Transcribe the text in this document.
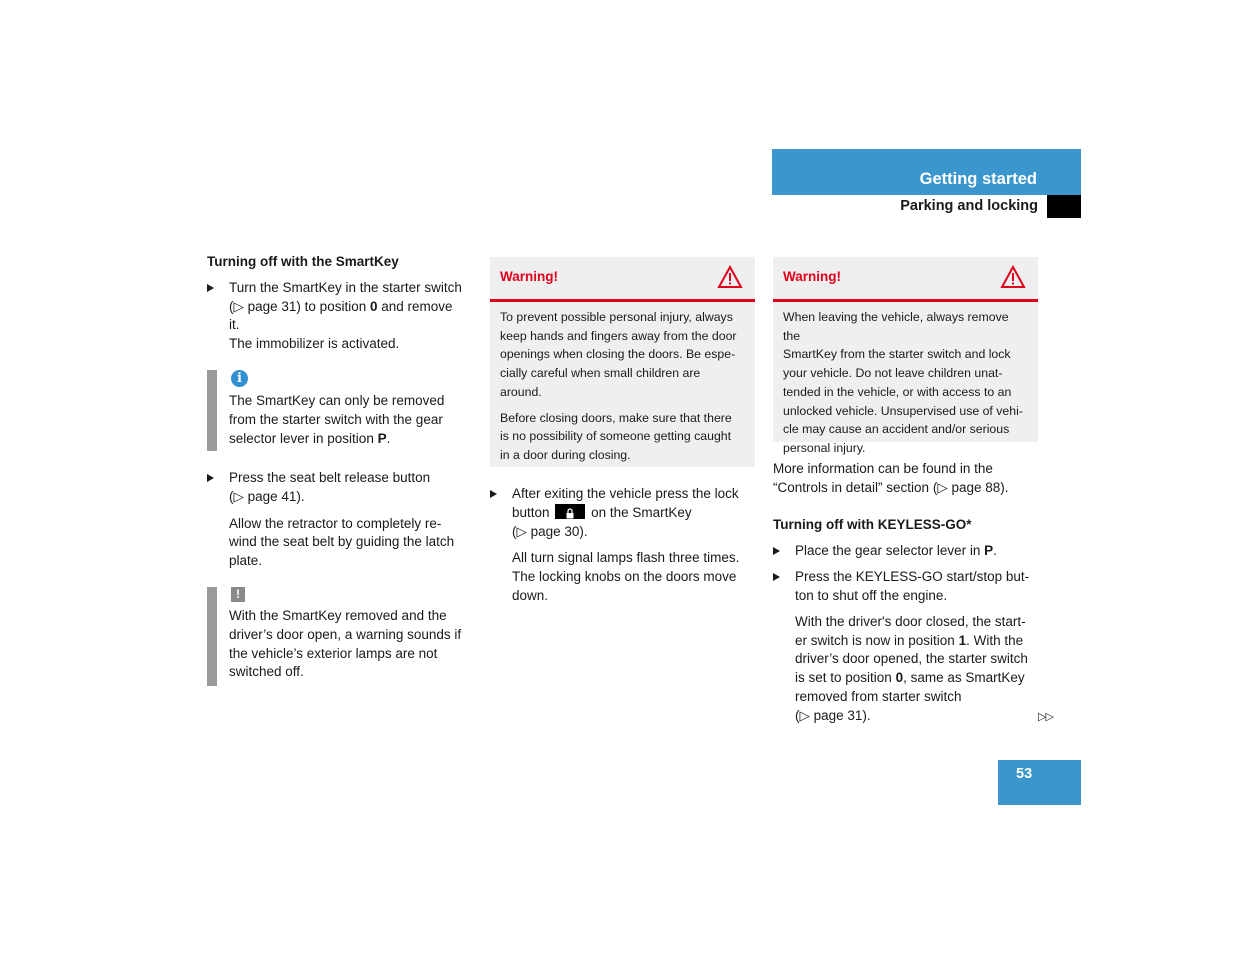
Getting started
Parking and locking

Turning off with the SmartKey

Turn the SmartKey in the starter switch
(▷ page 31) to position 0 and remove
it.
The immobilizer is activated.

i

The SmartKey can only be removed
from the starter switch with the gear
selector lever in position P.

Press the seat belt release button
(▷ page 41).

Allow the retractor to completely re-
wind the seat belt by guiding the latch
plate.

!

With the SmartKey removed and the
driver’s door open, a warning sounds if
the vehicle’s exterior lamps are not
switched off.

Warning!

To prevent possible personal injury, always
keep hands and fingers away from the door
openings when closing the doors. Be espe-
cially careful when small children are
around.

Before closing doors, make sure that there
is no possibility of someone getting caught
in a door during closing.

After exiting the vehicle press the lock
button	on the SmartKey
(▷ page 30).

All turn signal lamps flash three times.
The locking knobs on the doors move
down.

Warning!

When leaving the vehicle, always remove the
SmartKey from the starter switch and lock
your vehicle. Do not leave children unat-
tended in the vehicle, or with access to an
unlocked vehicle. Unsupervised use of vehi-
cle may cause an accident and/or serious
personal injury.

More information can be found in the
“Controls in detail” section (▷ page 88).

Turning off with KEYLESS-GO*

Place the gear selector lever in P.

Press the KEYLESS-GO start/stop but-
ton to shut off the engine.

With the driver's door closed, the start-
er switch is now in position 1. With the
driver’s door opened, the starter switch
is set to position 0, same as SmartKey
removed from starter switch
(▷ page 31).	▷▷
53
